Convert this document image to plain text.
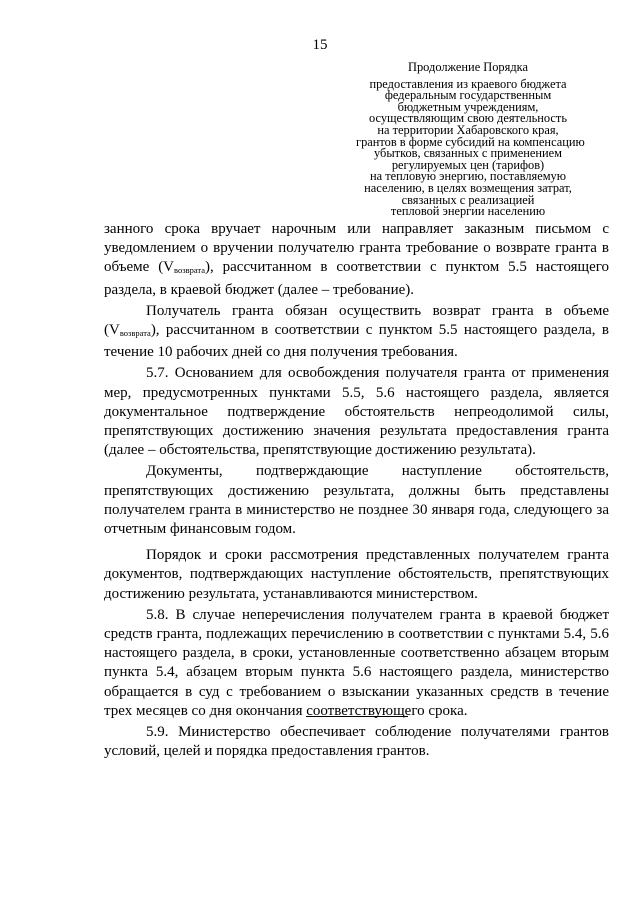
15
Продолжение Порядка
предоставления из краевого бюджета
федеральным государственным
бюджетным учреждениям,
осуществляющим свою деятельность
на территории Хабаровского края,
грантов в форме субсидий на компенсацию
убытков, связанных с применением
регулируемых цен (тарифов)
на тепловую энергию, поставляемую
населению, в целях возмещения затрат,
связанных с реализацией
тепловой энергии населению

занного срока вручает нарочным или направляет заказным письмом с уведомлением о вручении получателю гранта требование о возврате гранта в объеме $(V_{возврата})$, рассчитанном в соответствии с пунктом 5.5 настоящего раздела, в краевой бюджет (далее – требование).

Получатель гранта обязан осуществить возврат гранта в объеме $(V_{возврата})$, рассчитанном в соответствии с пунктом 5.5 настоящего раздела, в течение 10 рабочих дней со дня получения требования.

5.7. Основанием для освобождения получателя гранта от применения мер, предусмотренных пунктами 5.5, 5.6 настоящего раздела, является документальное подтверждение обстоятельств непреодолимой силы, препятствующих достижению значения результата предоставления гранта (далее – обстоятельства, препятствующие достижению результата).

Документы, подтверждающие наступление обстоятельств, препятствующих достижению результата, должны быть представлены получателем гранта в министерство не позднее 30 января года, следующего за отчетным финансовым годом.

Порядок и сроки рассмотрения представленных получателем гранта документов, подтверждающих наступление обстоятельств, препятствующих достижению результата, устанавливаются министерством.

5.8. В случае неперечисления получателем гранта в краевой бюджет средств гранта, подлежащих перечислению в соответствии с пунктами 5.4, 5.6 настоящего раздела, в сроки, установленные соответственно абзацем вторым пункта 5.4, абзацем вторым пункта 5.6 настоящего раздела, министерство обращается в суд с требованием о взыскании указанных средств в течение трех месяцев со дня окончания соответствующего срока.

5.9. Министерство обеспечивает соблюдение получателями грантов условий, целей и порядка предоставления грантов.
